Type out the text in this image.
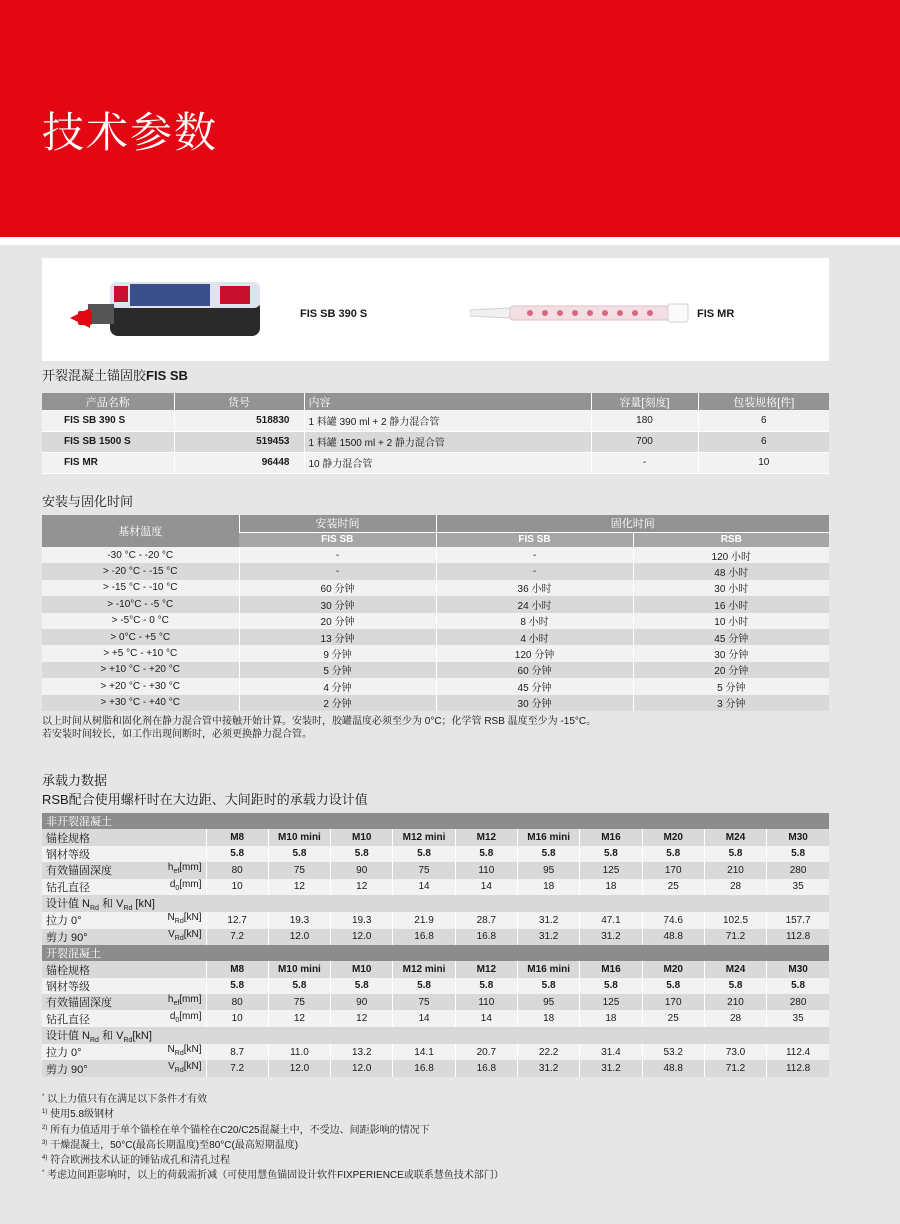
技术参数
FIS SB 390 S	FIS MR
开裂混凝土锚固胶FIS SB
产品名称	货号	内容	容量[刻度]	包装规格[件]
FIS SB 390 S	518830	1 料罐 390 ml + 2 静力混合管	180	6
FIS SB 1500 S	519453	1 料罐 1500 ml + 2 静力混合管	700	6
FIS MR	96448	10 静力混合管	-	10
安装与固化时间
基材温度	安装时间	固化时间	
	FIS SB	FIS SB	RSB
-30 °C - -20 °C	-	-	120 小时
> -20 °C - -15 °C	-	-	48 小时
> -15 °C - -10 °C	60 分钟	36 小时	30 小时
> -10°C - -5 °C	30 分钟	24 小时	16 小时
> -5°C - 0 °C	20 分钟	8 小时	10 小时
> 0°C - +5 °C	13 分钟	4 小时	45 分钟
> +5 °C - +10 °C	9 分钟	120 分钟	30 分钟
> +10 °C - +20 °C	5 分钟	60 分钟	20 分钟
> +20 °C - +30 °C	4 分钟	45 分钟	5 分钟
> +30 °C - +40 °C	2 分钟	30 分钟	3 分钟
以上时间从树脂和固化剂在静力混合管中接触开始计算。安装时，胶罐温度必须至少为 0°C；化学管 RSB 温度至少为 -15°C。
若安装时间较长，如工作出现间断时，必须更换静力混合管。
承载力数据
RSB配合使用螺杆时在大边距、大间距时的承载力设计值
非开裂混凝土										
锚栓规格	M8	M10 mini	M10	M12 mini	M12	M16 mini	M16	M20	M24	M30
钢材等级	5.8	5.8	5.8	5.8	5.8	5.8	5.8	5.8	5.8	5.8
有效锚固深度 $h_{ef}[mm]$	80	75	90	75	110	95	125	170	210	280
钻孔直径 $d_0[mm]$	10	12	12	14	14	18	18	25	28	35
设计值 $N_{Rd}$ 和 $V_{Rd}$ [kN]										
拉力 0° $N_{Rd}[kN]$	12.7	19.3	19.3	21.9	28.7	31.2	47.1	74.6	102.5	157.7
剪力 90° $V_{Rd}[kN]$	7.2	12.0	12.0	16.8	16.8	31.2	31.2	48.8	71.2	112.8
开裂混凝土										
锚栓规格	M8	M10 mini	M10	M12 mini	M12	M16 mini	M16	M20	M24	M30
钢材等级	5.8	5.8	5.8	5.8	5.8	5.8	5.8	5.8	5.8	5.8
有效锚固深度 $h_{ef}[mm]$	80	75	90	75	110	95	125	170	210	280
钻孔直径 $d_0[mm]$	10	12	12	14	14	18	18	25	28	35
设计值 $N_{Rd}$ 和 $V_{Rd}[kN]$										
拉力 0° $N_{Rd}[kN]$	8.7	11.0	13.2	14.1	20.7	22.2	31.4	53.2	73.0	112.4
剪力 90° $V_{Rd}[kN]$	7.2	12.0	12.0	16.8	16.8	31.2	31.2	48.8	71.2	112.8
* 以上力值只有在满足以下条件才有效
$^{1)}$ 使用5.8级钢材
$^{2)}$ 所有力值适用于单个锚栓在单个锚栓在C20/C25混凝土中，不受边、间距影响的情况下
$^{3)}$ 干燥混凝土，50°C(最高长期温度)至80°C(最高短期温度)
$^{4)}$ 符合欧洲技术认证的锤钻成孔和清孔过程
* 考虑边间距影响时，以上的荷载需折减（可使用慧鱼锚固设计软件FIXPERIENCE或联系慧鱼技术部门）
